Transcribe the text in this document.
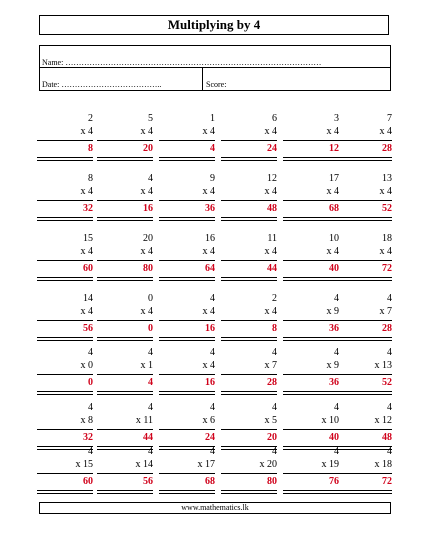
Multiplying by 4
Name: ……………………………………………………………………………………
Date: ………………………………..	Score:
2
x 4
8
5
x 4
20
1
x 4
4
6
x 4
24
3
x 4
12
7
x 4
28
8
x 4
32
4
x 4
16
9
x 4
36
12
x 4
48
17
x 4
68
13
x 4
52
15
x 4
60
20
x 4
80
16
x 4
64
11
x 4
44
10
x 4
40
18
x 4
72
14
x 4
56
0
x 4
0
4
x 4
16
2
x 4
8
4
x 9
36
4
x 7
28
4
x 0
0
4
x 1
4
4
x 4
16
4
x 7
28
4
x 9
36
4
x 13
52
4
x 8
32
4
x 11
44
4
x 6
24
4
x 5
20
4
x 10
40
4
x 12
48
4
x 15
60
4
x 14
56
4
x 17
68
4
x 20
80
4
x 19
76
4
x 18
72
www.mathematics.lk
